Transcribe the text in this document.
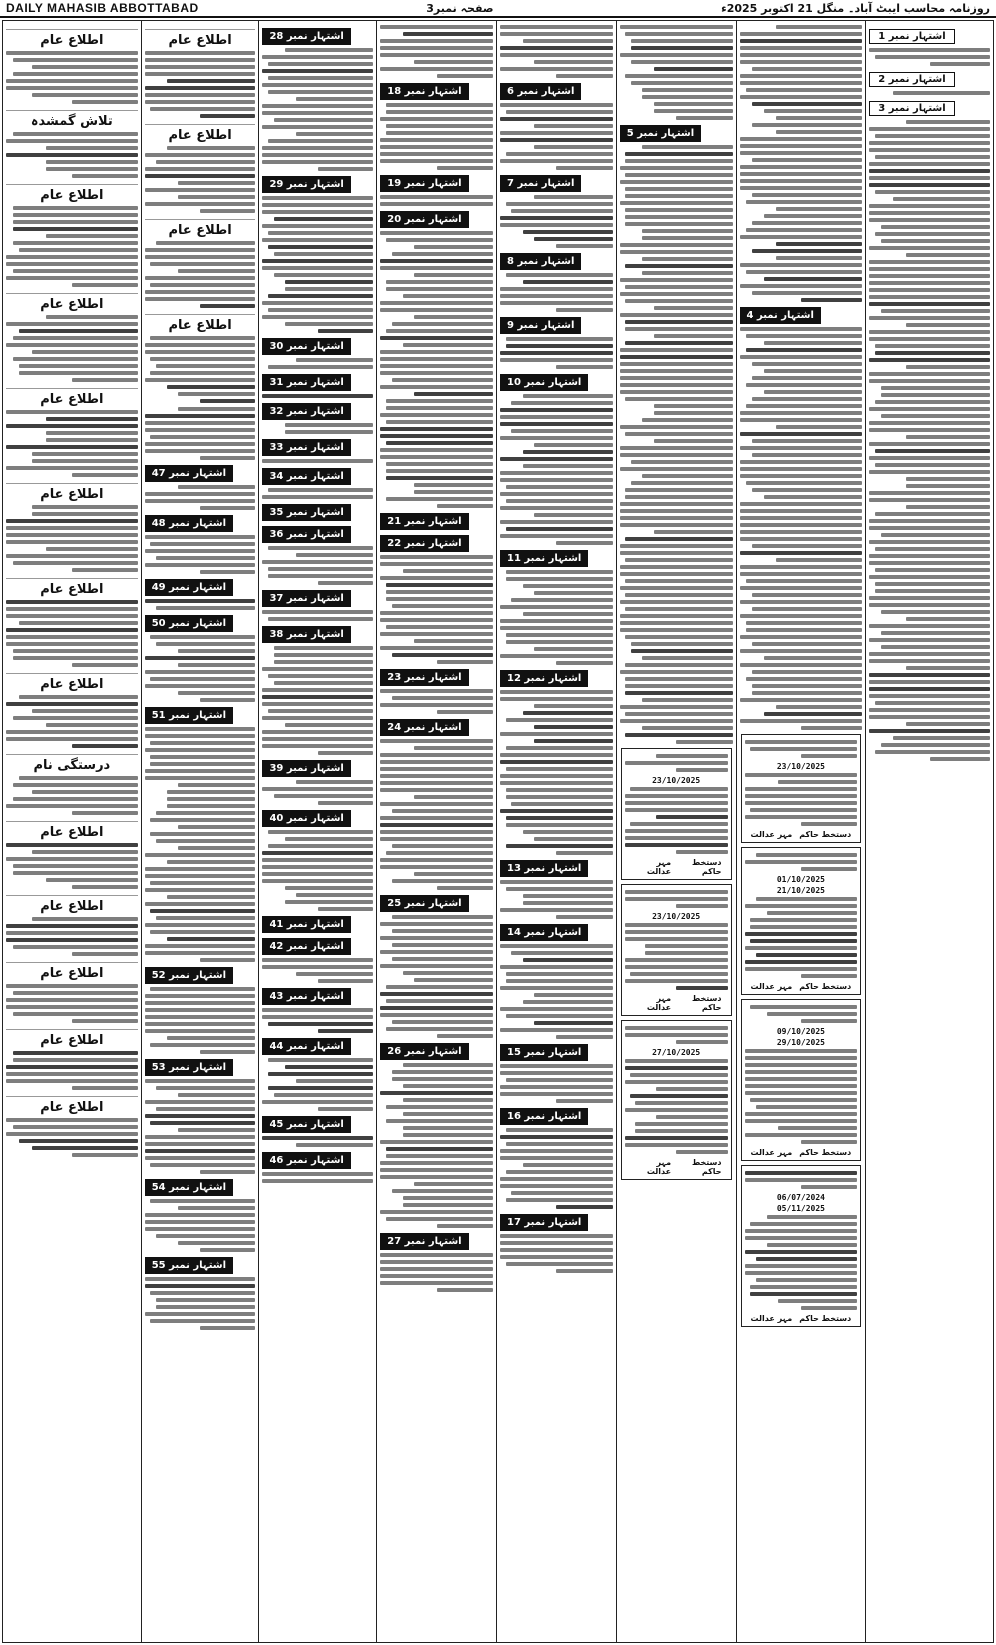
DAILY MAHASIB ABBOTTABAD	صفحہ نمبر3	روزنامہ محاسب ایبٹ آباد۔ منگل 21 اکتوبر 2025ء
اشتہار نمبر 1
اشتہار نمبر 2
اشتہار نمبر 3
اشتہار نمبر 4
23/10/2025
دستخط حاکم
مہر عدالت
01/10/2025
21/10/2025
دستخط حاکم
مہر عدالت
09/10/2025
29/10/2025
دستخط حاکم
مہر عدالت
06/07/2024
05/11/2025
دستخط حاکم
مہر عدالت
اشتہار نمبر 5
23/10/2025
دستخط حاکم
مہر عدالت
23/10/2025
دستخط حاکم
مہر عدالت
27/10/2025
دستخط حاکم
مہر عدالت
اشتہار نمبر 6
اشتہار نمبر 7
اشتہار نمبر 8
اشتہار نمبر 9
اشتہار نمبر 10
اشتہار نمبر 11
اشتہار نمبر 12
اشتہار نمبر 13
اشتہار نمبر 14
اشتہار نمبر 15
اشتہار نمبر 16
اشتہار نمبر 17
اشتہار نمبر 18
اشتہار نمبر 19
اشتہار نمبر 20
اشتہار نمبر 21
اشتہار نمبر 22
اشتہار نمبر 23
اشتہار نمبر 24
اشتہار نمبر 25
اشتہار نمبر 26
اشتہار نمبر 27
اشتہار نمبر 28
اشتہار نمبر 29
اشتہار نمبر 30
اشتہار نمبر 31
اشتہار نمبر 32
اشتہار نمبر 33
اشتہار نمبر 34
اشتہار نمبر 35
اشتہار نمبر 36
اشتہار نمبر 37
اشتہار نمبر 38
اشتہار نمبر 39
اشتہار نمبر 40
اشتہار نمبر 41
اشتہار نمبر 42
اشتہار نمبر 43
اشتہار نمبر 44
اشتہار نمبر 45
اشتہار نمبر 46
اطلاع عام
اطلاع عام
اطلاع عام
اطلاع عام
اشتہار نمبر 47
اشتہار نمبر 48
اشتہار نمبر 49
اشتہار نمبر 50
اشتہار نمبر 51
اشتہار نمبر 52
اشتہار نمبر 53
اشتہار نمبر 54
اشتہار نمبر 55
اطلاع عام
تلاش گمشدہ
اطلاع عام
اطلاع عام
اطلاع عام
اطلاع عام
اطلاع عام
اطلاع عام
درستگی نام
اطلاع عام
اطلاع عام
اطلاع عام
اطلاع عام
اطلاع عام
